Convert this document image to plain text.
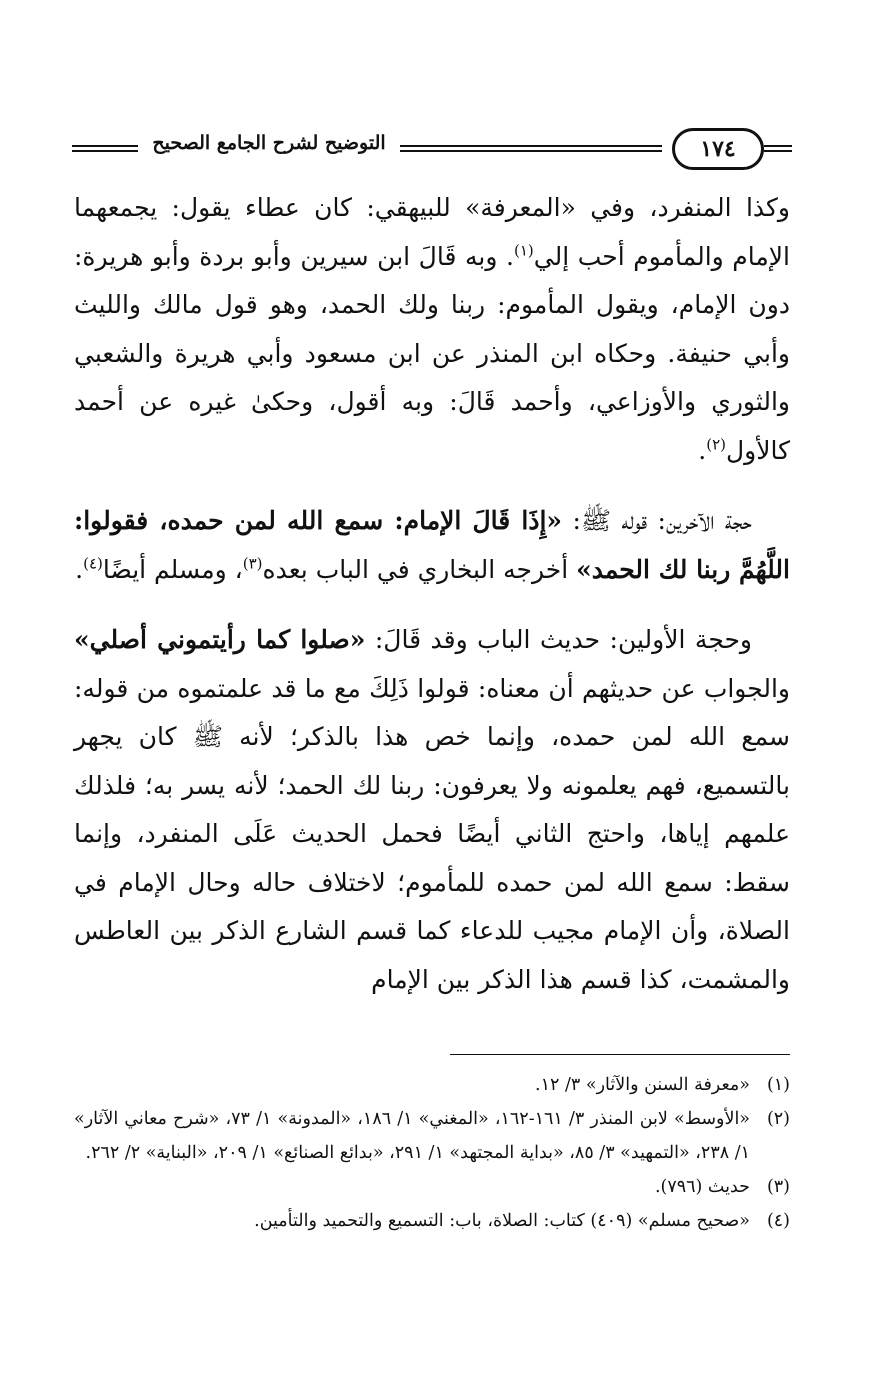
التوضيح لشرح الجامع الصحيح	١٧٤

وكذا المنفرد، وفي «المعرفة» للبيهقي: كان عطاء يقول: يجمعهما الإمام والمأموم أحب إلي$^{(١)}$. وبه قَالَ ابن سيرين وأبو بردة وأبو هريرة: دون الإمام، ويقول المأموم: ربنا ولك الحمد، وهو قول مالك والليث وأبي حنيفة. وحكاه ابن المنذر عن ابن مسعود وأبي هريرة والشعبي والثوري والأوزاعي، وأحمد قَالَ: وبه أقول، وحكىٰ غيره عن أحمد كالأول$^{(٢)}$.

حجة الآخرين: قوله ﷺ: «إِذَا قَالَ الإمام: سمع الله لمن حمده، فقولوا: اللَّهُمَّ ربنا لك الحمد» أخرجه البخاري في الباب بعده$^{(٣)}$، ومسلم أيضًا$^{(٤)}$.

وحجة الأولين: حديث الباب وقد قَالَ: «صلوا كما رأيتموني أصلي» والجواب عن حديثهم أن معناه: قولوا ذَلِكَ مع ما قد علمتموه من قوله: سمع الله لمن حمده، وإنما خص هذا بالذكر؛ لأنه ﷺ كان يجهر بالتسميع، فهم يعلمونه ولا يعرفون: ربنا لك الحمد؛ لأنه يسر به؛ فلذلك علمهم إياها، واحتج الثاني أيضًا فحمل الحديث عَلَى المنفرد، وإنما سقط: سمع الله لمن حمده للمأموم؛ لاختلاف حاله وحال الإمام في الصلاة، وأن الإمام مجيب للدعاء كما قسم الشارع الذكر بين العاطس والمشمت، كذا قسم هذا الذكر بين الإمام

(١)
«معرفة السنن والآثار» ٣/ ١٢.
(٢)
«الأوسط» لابن المنذر ٣/ ١٦١-١٦٢، «المغني» ١/ ١٨٦، «المدونة» ١/ ٧٣، «شرح معاني الآثار» ١/ ٢٣٨، «التمهيد» ٣/ ٨٥، «بداية المجتهد» ١/ ٢٩١، «بدائع الصنائع» ١/ ٢٠٩، «البناية» ٢/ ٢٦٢.
(٣)
حديث (٧٩٦).
(٤)
«صحيح مسلم» (٤٠٩) كتاب: الصلاة، باب: التسميع والتحميد والتأمين.
